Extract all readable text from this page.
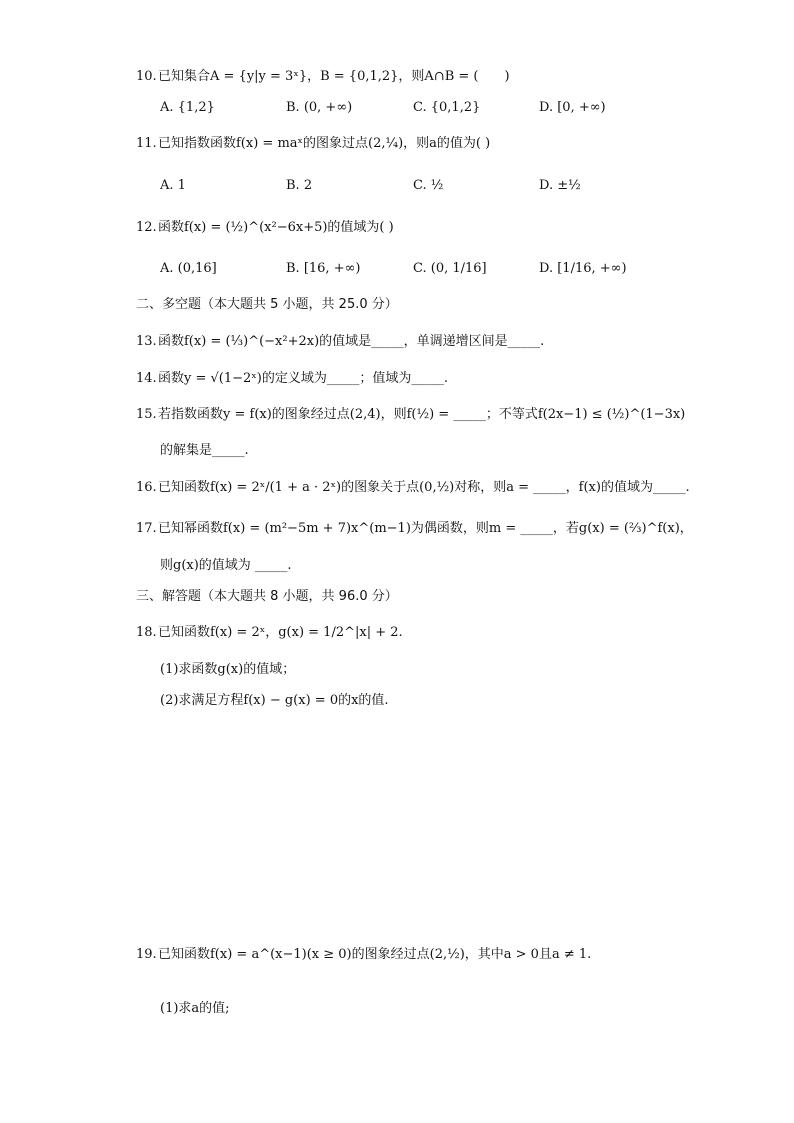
10.已知集合A = {y|y = 3ˣ}，B = {0,1,2}，则A∩B = (　　)
A. {1,2}	B. (0, +∞)	C. {0,1,2}	D. [0, +∞)
11.已知指数函数f(x) = maˣ的图象过点(2,¼)，则a的值为( )
A. 1	B. 2	C. ½	D. ±½
12.函数f(x) = (½)^(x²−6x+5)的值域为( )
A. (0,16]	B. [16, +∞)	C. (0, 1/16]	D. [1/16, +∞)
二、多空题（本大题共 5 小题，共 25.0 分）
13.函数f(x) = (⅓)^(−x²+2x)的值域是_____，单调递增区间是_____.
14.函数y = √(1−2ˣ)的定义域为_____；值域为_____.
15.若指数函数y = f(x)的图象经过点(2,4)，则f(½) = _____；不等式f(2x−1) ≤ (½)^(1−3x)
的解集是_____.
16.已知函数f(x) = 2ˣ/(1 + a · 2ˣ)的图象关于点(0,½)对称，则a = _____，f(x)的值域为_____.
17.已知幂函数f(x) = (m²−5m + 7)x^(m−1)为偶函数，则m = _____，若g(x) = (⅔)^f(x)，
则g(x)的值域为 _____.
三、解答题（本大题共 8 小题，共 96.0 分）
18.已知函数f(x) = 2ˣ，g(x) = 1/2^|x| + 2.
(1)求函数g(x)的值域；
(2)求满足方程f(x) − g(x) = 0的x的值.
19.已知函数f(x) = a^(x−1)(x ≥ 0)的图象经过点(2,½)，其中a > 0且a ≠ 1.
(1)求a的值;
